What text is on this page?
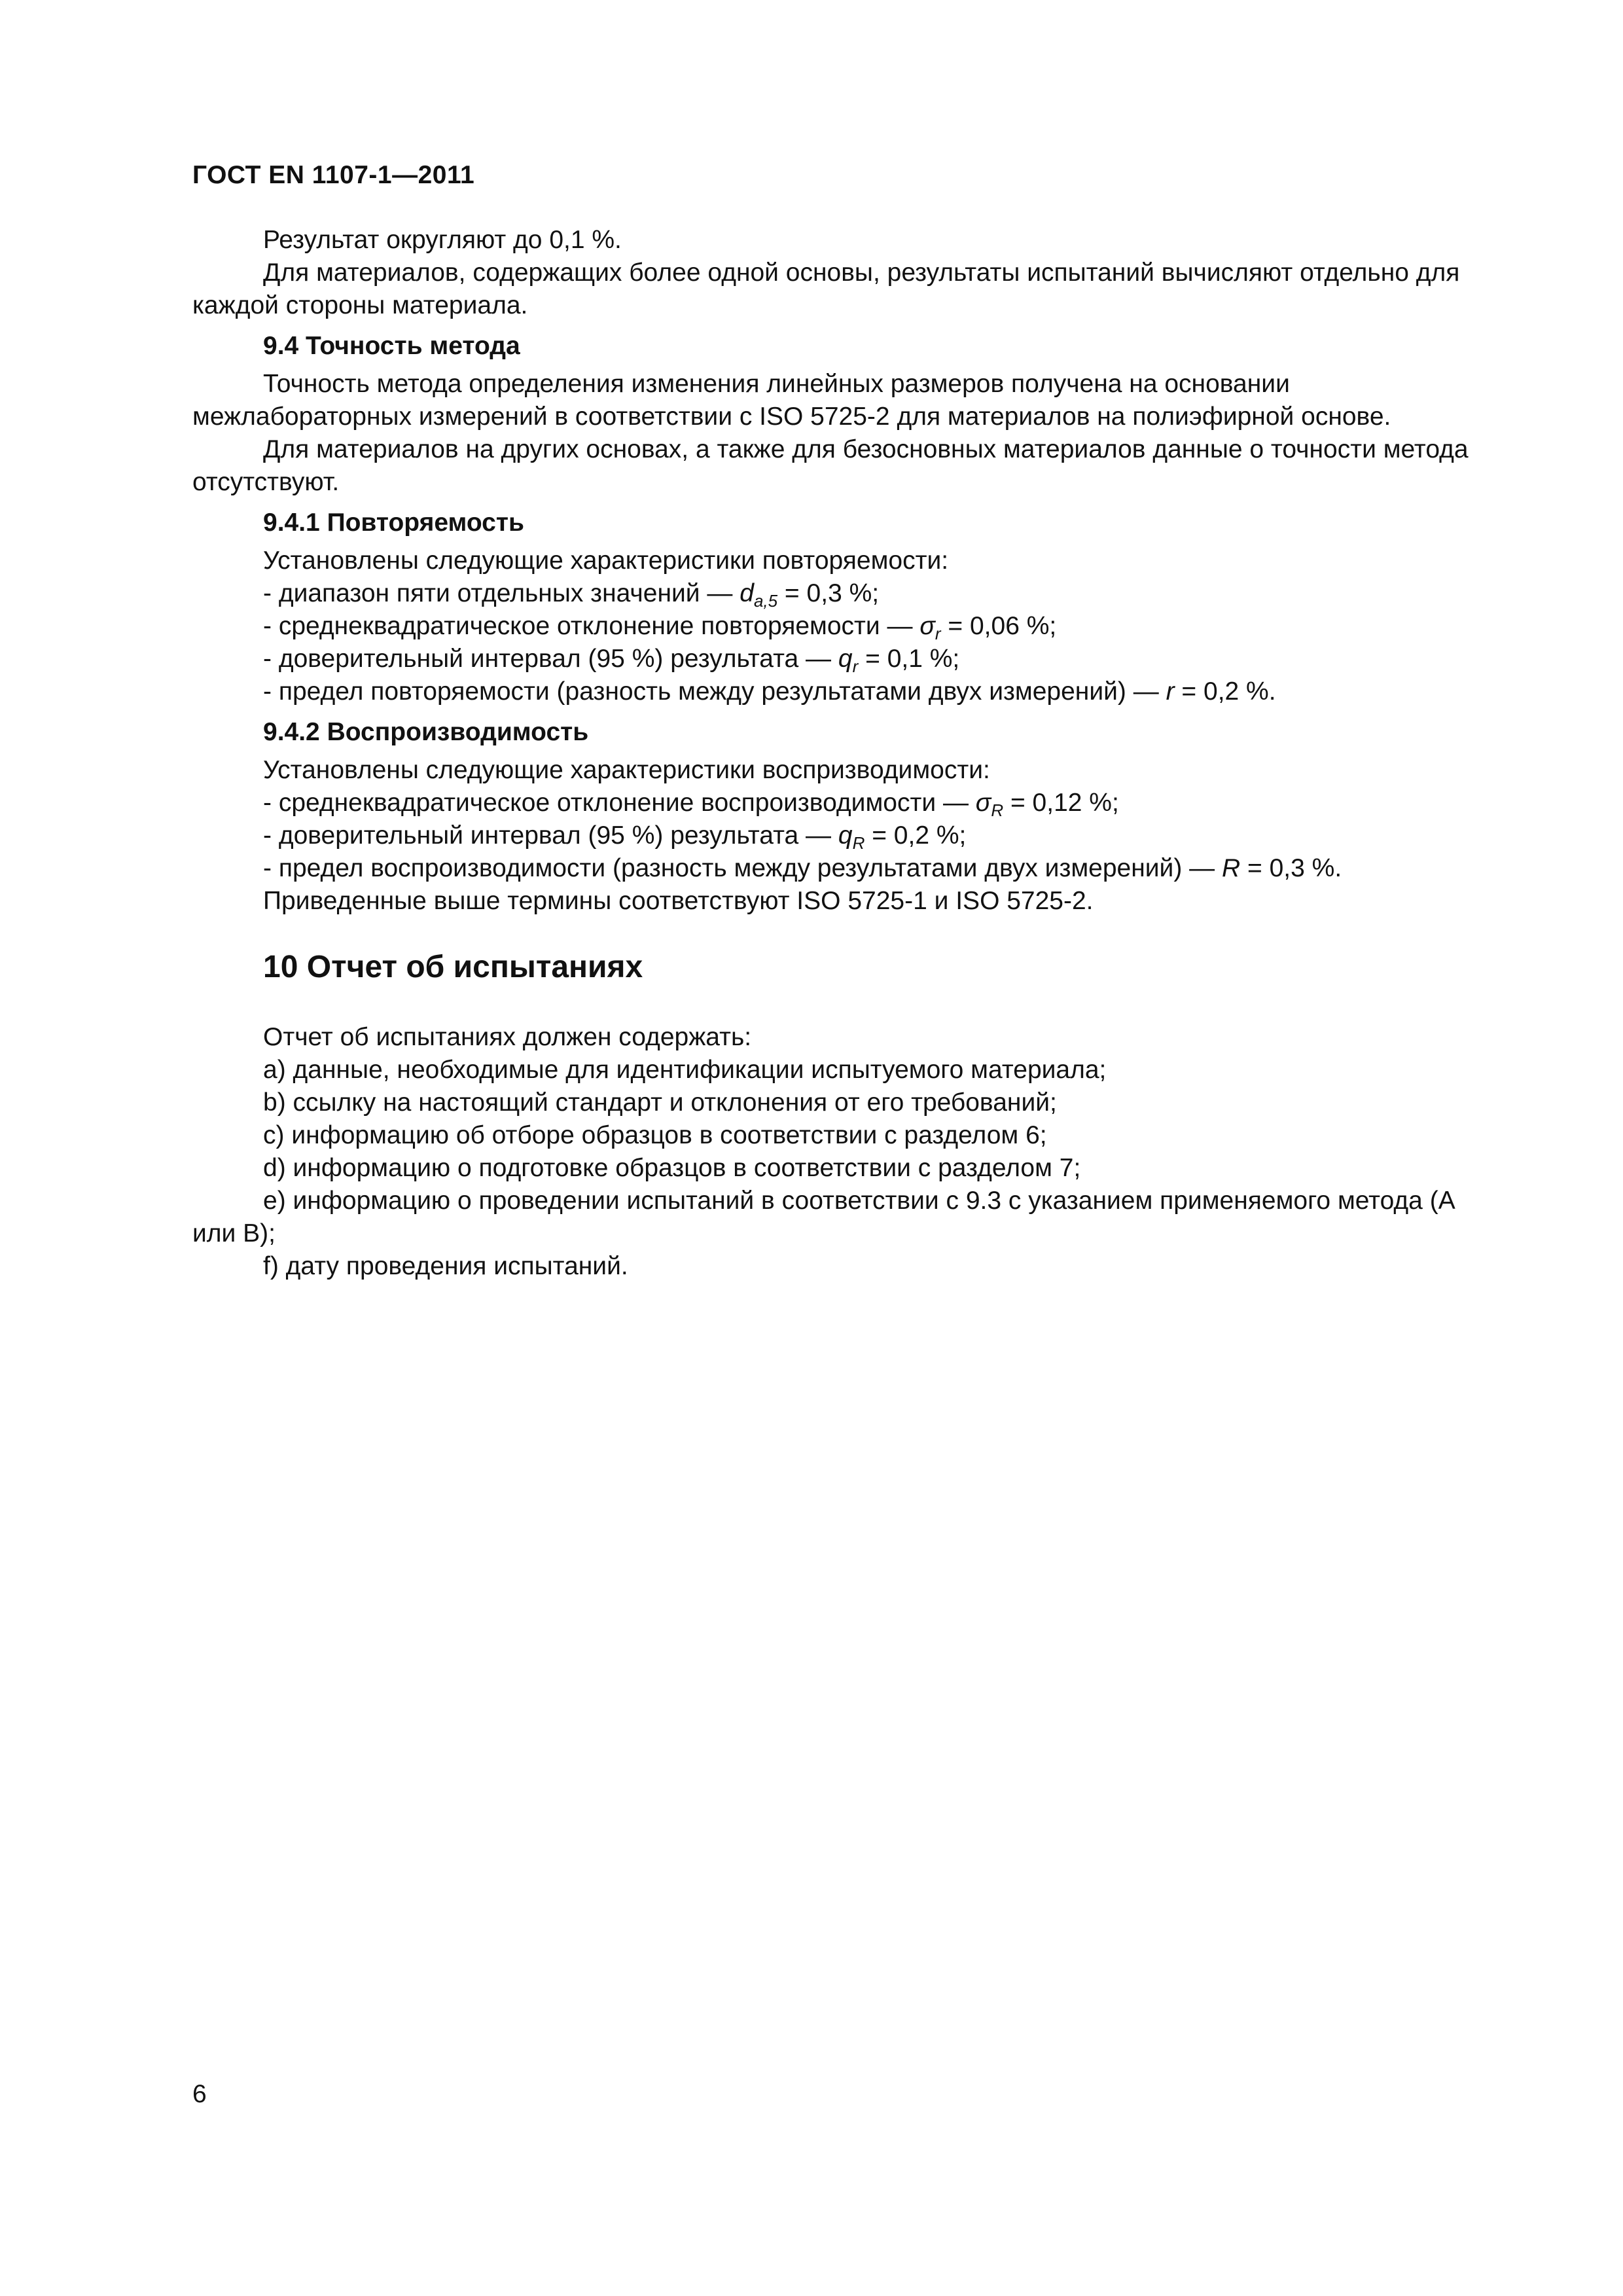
ГОСТ EN 1107-1—2011

Результат округляют до 0,1 %.

Для материалов, содержащих более одной основы, результаты испытаний вычисляют отдельно для каждой стороны материала.

9.4 Точность метода

Точность метода определения изменения линейных размеров получена на основании межлабораторных измерений в соответствии с ISO 5725-2 для материалов на полиэфирной основе.

Для материалов на других основах, а также для безосновных материалов данные о точности метода отсутствуют.

9.4.1 Повторяемость

Установлены следующие характеристики повторяемости:

- диапазон пяти отдельных значений — $d_{a,5} = 0,3$ %;

- среднеквадратическое отклонение повторяемости — $\sigma_r = 0,06$ %;

- доверительный интервал (95 %) результата — $q_r = 0,1$ %;

- предел повторяемости (разность между результатами двух измерений) — r = 0,2 %.

9.4.2 Воспроизводимость

Установлены следующие характеристики воспризводимости:

- среднеквадратическое отклонение воспроизводимости — $\sigma_R = 0,12$ %;

- доверительный интервал (95 %) результата — $q_R = 0,2$ %;

- предел воспроизводимости (разность между результатами двух измерений) — R = 0,3 %.

Приведенные выше термины соответствуют ISO 5725-1 и ISO 5725-2.

10 Отчет об испытаниях

Отчет об испытаниях должен содержать:

а) данные, необходимые для идентификации испытуемого материала;

b) ссылку на настоящий стандарт и отклонения от его требований;

с) информацию об отборе образцов в соответствии с разделом 6;

d) информацию о подготовке образцов в соответствии с разделом 7;

е) информацию о проведении испытаний в соответствии с 9.3 с указанием применяемого метода (А или В);

f) дату проведения испытаний.

6
